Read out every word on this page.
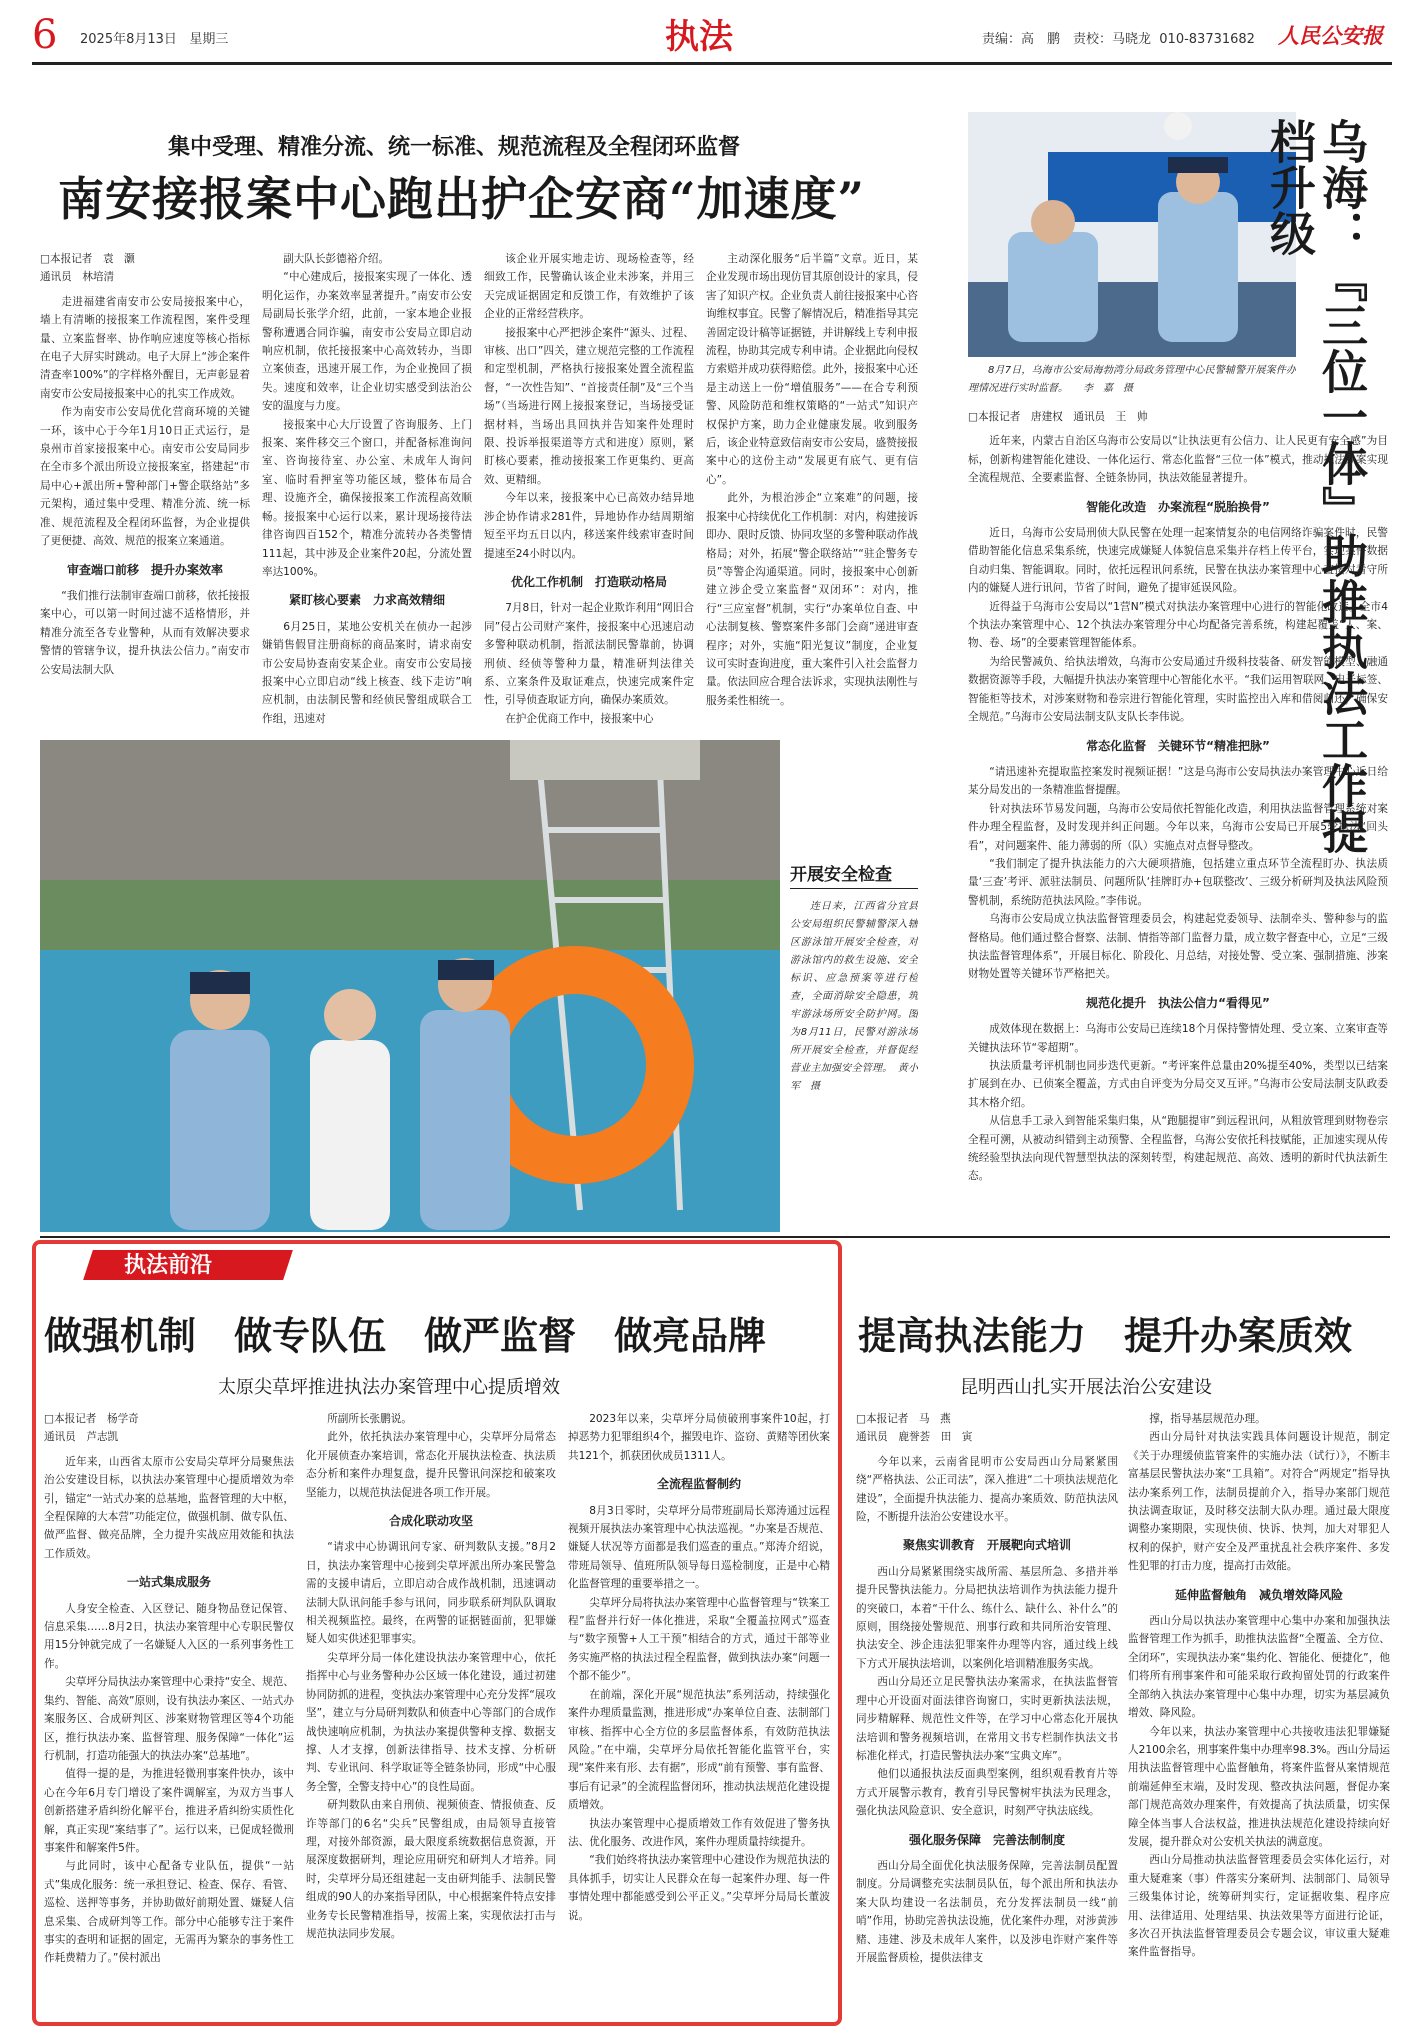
6 2025年8月13日 星期三	执法	责编：高　鹏　责校：马晓龙 010-83731682 人民公安报
集中受理、精准分流、统一标准、规范流程及全程闭环监督
南安接报案中心跑出护企安商“加速度”

□本报记者　袁　灏
通讯员　林培清

走进福建省南安市公安局接报案中心，墙上有清晰的接报案工作流程图，案件受理量、立案监督率、协作响应速度等核心指标在电子大屏实时跳动。电子大屏上“涉企案件清查率100%”的字样格外醒目，无声彰显着南安市公安局接报案中心的扎实工作成效。

作为南安市公安局优化营商环境的关键一环，该中心于今年1月10日正式运行，是泉州市首家接报案中心。南安市公安局同步在全市多个派出所设立接报案室，搭建起“市局中心+派出所+警种部门+警企联络站”多元架构，通过集中受理、精准分流、统一标准、规范流程及全程闭环监督，为企业提供了更便捷、高效、规范的报案立案通道。

审查端口前移　提升办案效率

“我们推行法制审查端口前移，依托接报案中心，可以第一时间过滤不适格情形，并精准分流至各专业警种，从而有效解决要求警情的管辖争议，提升执法公信力。”南安市公安局法制大队

副大队长彭德裕介绍。

“中心建成后，接报案实现了一体化、透明化运作，办案效率显著提升。”南安市公安局副局长张学介绍，此前，一家本地企业报警称遭遇合同诈骗，南安市公安局立即启动响应机制，依托接报案中心高效转办，当即立案侦查，迅速开展工作，为企业挽回了损失。速度和效率，让企业切实感受到法治公安的温度与力度。

接报案中心大厅设置了咨询服务、上门报案、案件移交三个窗口，并配备标准询问室、咨询接待室、办公室、未成年人询问室、临时看押室等功能区域，整体布局合理、设施齐全，确保接报案工作流程高效顺畅。接报案中心运行以来，累计现场接待法律咨询四百152个，精准分流转办各类警情111起，其中涉及企业案件20起，分流处置率达100%。

紧盯核心要素　力求高效精细

6月25日，某地公安机关在侦办一起涉嫌销售假冒注册商标的商品案时，请求南安市公安局协查南安某企业。南安市公安局接报案中心立即启动“线上核查、线下走访”响应机制，由法制民警和经侦民警组成联合工作组，迅速对

该企业开展实地走访、现场检查等，经细致工作，民警确认该企业未涉案，并用三天完成证据固定和反馈工作，有效维护了该企业的正常经营秩序。

接报案中心严把涉企案件“源头、过程、审核、出口”四关，建立规范完整的工作流程和定型机制，严格执行接报案处置全流程监督，“一次性告知”、“首接责任制”及“三个当场”（当场进行网上接报案登记，当场接受证据材料，当场出具回执并告知案件处理时限、投诉举报渠道等方式和进度）原则，紧盯核心要素，推动接报案工作更集约、更高效、更精细。

今年以来，接报案中心已高效办结异地涉企协作请求281件，异地协作办结周期缩短至平均五日以内，移送案件线索审查时间提速至24小时以内。

优化工作机制　打造联动格局

7月8日，针对一起企业欺诈利用“网旧合同”侵占公司财产案件，接报案中心迅速启动多警种联动机制，指派法制民警靠前，协调刑侦、经侦等警种力量，精准研判法律关系、立案条件及取证难点，快速完成案件定性，引导侦查取证方向，确保办案质效。

在护企优商工作中，接报案中心

主动深化服务“后半篇”文章。近日，某企业发现市场出现仿冒其原创设计的家具，侵害了知识产权。企业负责人前往接报案中心咨询维权事宜。民警了解情况后，精准指导其完善固定设计稿等证据链，并讲解线上专利申报流程，协助其完成专利申请。企业据此向侵权方索赔并成功获得赔偿。此外，接报案中心还是主动送上一份“增值服务”——在合专利预警、风险防范和维权策略的“一站式”知识产权保护方案，助力企业健康发展。收到服务后，该企业特意致信南安市公安局，盛赞接报案中心的这份主动“发展更有底气、更有信心”。

此外，为根治涉企“立案难”的问题，接报案中心持续优化工作机制：对内，构建接诉即办、限时反馈、协同攻坚的多警种联动作战格局；对外，拓展“警企联络站”“驻企警务专员”等警企沟通渠道。同时，接报案中心创新建立涉企受立案监督“双闭环”：对内，推行“三应室督”机制，实行“办案单位自查、中心法制复核、警察案件多部门会商”递进审查程序；对外，实施“阳光复议”制度，企业复议可实时查询进度，重大案件引入社会监督力量。依法回应合理合法诉求，实现执法刚性与服务柔性相统一。

开展安全检查
连日来，江西省分宜县公安局组织民警辅警深入辖区游泳馆开展安全检查，对游泳馆内的救生设施、安全标识、应急预案等进行检查，全面消除安全隐患，筑牢游泳场所安全防护网。图为8月11日，民警对游泳场所开展安全检查，并督促经营业主加强安全管理。　黄小军　摄
8月7日，乌海市公安局海勃湾分局政务管理中心民警辅警开展案件办理情况进行实时监督。　　李　嘉　摄	乌海：『三位一体』助推执法工作提档升级

□本报记者　唐建权　通讯员　王　帅

近年来，内蒙古自治区乌海市公安局以“让执法更有公信力、让人民更有安全感”为目标，创新构建智能化建设、一体化运行、常态化监督“三位一体”模式，推动执法办案实现全流程规范、全要素监督、全链条协同，执法效能显著提升。

智能化改造　办案流程“脱胎换骨”

近日，乌海市公安局刑侦大队民警在处理一起案情复杂的电信网络诈骗案件时，民警借助智能化信息采集系统，快速完成嫌疑人体貌信息采集并存档上传平台，实现案件数据自动归集、智能调取。同时，依托远程讯问系统，民警在执法办案管理中心直接对看守所内的嫌疑人进行讯问，节省了时间，避免了提审延误风险。

近得益于乌海市公安局以“1营N”模式对执法办案管理中心进行的智能化改造。全市4个执法办案管理中心、12个执法办案管理分中心均配备完善系统，构建起覆盖“人、案、物、卷、场”的全要素管理智能体系。

为给民警减负、给执法增效，乌海市公安局通过升级科技装备、研发智能模型、融通数据资源等手段，大幅提升执法办案管理中心智能化水平。“我们运用智联网、电子标签、智能柜等技术，对涉案财物和卷宗进行智能化管理，实时监控出入库和借阅归还，确保安全规范。”乌海市公安局法制支队支队长李伟说。

常态化监督　关键环节“精准把脉”

“请迅速补充提取监控案发时视频证据！”这是乌海市公安局执法办案管理中心近日给某分局发出的一条精准监督提醒。

针对执法环节易发问题，乌海市公安局依托智能化改造，利用执法监督管理系统对案件办理全程监督，及时发现并纠正问题。今年以来，乌海市公安局已开展5轮执法“回头看”，对问题案件、能力薄弱的所（队）实施点对点督导整改。

“我们制定了提升执法能力的六大硬项措施，包括建立重点环节全流程盯办、执法质量‘三查’考评、派驻法制员、问题所队‘挂牌盯办+包联整改’、三级分析研判及执法风险预警机制，系统防范执法风险。”李伟说。

乌海市公安局成立执法监督管理委员会，构建起党委领导、法制牵头、警种参与的监督格局。他们通过整合督察、法制、情指等部门监督力量，成立数字督查中心，立足“三级执法监督管理体系”，开展目标化、阶段化、月总结，对接处警、受立案、强制措施、涉案财物处置等关键环节严格把关。

规范化提升　执法公信力“看得见”

成效体现在数据上：乌海市公安局已连续18个月保持警情处理、受立案、立案审查等关键执法环节“零超期”。

执法质量考评机制也同步迭代更新。“考评案件总量由20%提至40%，类型以已结案扩展到在办、已侦案全覆盖，方式由自评变为分局交叉互评。”乌海市公安局法制支队政委其木格介绍。

从信息手工录入到智能采集归集，从“跑腿提审”到远程讯问，从粗放管理到财物卷宗全程可溯，从被动纠错到主动预警、全程监督，乌海公安依托科技赋能，正加速实现从传统经验型执法向现代智慧型执法的深刻转型，构建起规范、高效、透明的新时代执法新生态。

执法前沿
做强机制　做专队伍　做严监督　做亮品牌
太原尖草坪推进执法办案管理中心提质增效

□本报记者　杨学奇
通讯员　芦志凯

近年来，山西省太原市公安局尖草坪分局聚焦法治公安建设目标，以执法办案管理中心提质增效为牵引，锚定“一站式办案的总基地，监督管理的大中枢，全程保障的大本营”功能定位，做强机制、做专队伍、做严监督、做亮品牌，全力提升实战应用效能和执法工作质效。

一站式集成服务

人身安全检查、入区登记、随身物品登记保管、信息采集……8月2日，执法办案管理中心专职民警仅用15分钟就完成了一名嫌疑人入区的一系列事务性工作。

尖草坪分局执法办案管理中心秉持“安全、规范、集约、智能、高效”原则，设有执法办案区、一站式办案服务区、合成研判区、涉案财物管理区等4个功能区，推行执法办案、监督管理、服务保障“一体化”运行机制，打造功能强大的执法办案“总基地”。

值得一提的是，为推进轻微刑事案件快办，该中心在今年6月专门增设了案件调解室，为双方当事人创新搭建矛盾纠纷化解平台，推进矛盾纠纷实质性化解，真正实现“案结事了”。运行以来，已促成轻微刑事案件和解案件5件。

与此同时，该中心配备专业队伍，提供“一站式”集成化服务：统一承担登记、检查、保存、看管、巡检、送押等事务，并协助做好前期处置、嫌疑人信息采集、合成研判等工作。部分中心能够专注于案件事实的查明和证据的固定，无需再为繁杂的事务性工作耗费精力了。”侯村派出

所副所长张鹏说。

此外，依托执法办案管理中心，尖草坪分局常态化开展侦查办案培训，常态化开展执法检查、执法质态分析和案件办理复盘，提升民警讯问深挖和破案攻坚能力，以规范执法促进各项工作开展。

合成化联动攻坚

“请求中心协调讯问专家、研判数队支援。”8月2日，执法办案管理中心接到尖草坪派出所办案民警急需的支援申请后，立即启动合成作战机制，迅速调动法制大队讯问能手参与讯问，同步联系研判队队调取相关视频监控。最终，在两警的证据链面前，犯罪嫌疑人如实供述犯罪事实。

尖草坪分局一体化建设执法办案管理中心，依托指挥中心与业务警种办公区域一体化建设，通过初建协同防抓的进程，变执法办案管理中心充分发挥“展攻坚”，建立与分局研判数队和侦查中心等部门的合成作战快速响应机制，为执法办案提供警种支撑、数据支撑、人才支撑，创新法律指导、技术支撑、分析研判、专业讯问、科学取证等全链条协同，形成“中心服务全警，全警支持中心”的良性局面。

研判数队由来自刑侦、视频侦查、情报侦查、反诈等部门的6名“尖兵”民警组成，由局领导直接管理，对接外部资源，最大限度系统数据信息资源，开展深度数据研判，理论应用研究和研判人才培养。同时，尖草坪分局还组建起一支由研判能手、法制民警组成的90人的办案指导团队，中心根据案件特点安排业务专长民警精准指导，按需上案，实现依法打击与规范执法同步发展。

2023年以来，尖草坪分局侦破刑事案件10起，打掉恶势力犯罪组织4个，摧毁电诈、盗窃、黄赌等团伙案共121个，抓获团伙成员1311人。

全流程监督制约

8月3日零时，尖草坪分局带班副局长郑涛通过远程视频开展执法办案管理中心执法巡视。“办案是否规范、嫌疑人状况等方面都是我们巡查的重点。”郑涛介绍说，带班局领导、值班所队领导每日巡检制度，正是中心精化监督管理的重要举措之一。

尖草坪分局将执法办案管理中心监督管理与“铁案工程”监督并行好一体化推进，采取“全覆盖拉网式”巡查与“数字预警+人工干预”相结合的方式，通过干部等业务实施严格的执法过程全程监督，做到执法办案“问题一个都不能少”。

在前端，深化开展“规范执法”系列活动，持续强化案件办理质量监测，推进形成“办案单位自查、法制部门审核、指挥中心全方位的多层监督体系，有效防范执法风险。”在中端，尖草坪分局依托智能化监管平台，实现“案件来有形、去有据”，形成“前有预警、事有监督、事后有记录”的全流程监督闭环，推动执法规范化建设提质增效。

执法办案管理中心提质增效工作有效促进了警务执法、优化服务、改进作风，案件办理质量持续提升。

“我们始终将执法办案管理中心建设作为规范执法的具体抓手，切实让人民群众在每一起案件办理、每一件事情处理中都能感受到公平正义。”尖草坪分局局长董波说。

提高执法能力　提升办案质效
昆明西山扎实开展法治公安建设

□本报记者　马　燕
通讯员　鹿誉荟　田　寅

今年以来，云南省昆明市公安局西山分局紧紧围绕“严格执法、公正司法”，深入推进“二十项执法规范化建设”，全面提升执法能力、提高办案质效、防范执法风险，不断提升法治公安建设水平。

聚焦实训教育　开展靶向式培训

西山分局紧紧围绕实战所需、基层所急、多措并举提升民警执法能力。分局把执法培训作为执法能力提升的突破口，本着“干什么、练什么、缺什么、补什么”的原则，围绕接处警规范、刑事行政和共同所治安管理、执法安全、涉企违法犯罪案件办理等内容，通过线上线下方式开展执法培训，以案例化培训精准服务实战。

西山分局还立足民警执法办案需求，在执法监督管理中心开设面对面法律咨询窗口，实时更新执法法规，同步精解释、规范性文件等，在学习中心常态化开展执法培训和警务视频培训，在常用文书专栏制作执法文书标准化样式，打造民警执法办案“宝典文库”。

他们以通报执法反面典型案例，组织观看教育片等方式开展警示教育，教育引导民警树牢执法为民理念，强化执法风险意识、安全意识，时刻严守执法底线。

强化服务保障　完善法制制度

西山分局全面优化执法服务保障，完善法制员配置制度。分局调整充实法制员队伍，每个派出所和执法办案大队均建设一名法制员，充分发挥法制员一线“前哨”作用，协助完善执法设施，优化案件办理，对涉黄涉赌、违建、涉及未成年人案件，以及涉电诈财产案件等开展监督质检，提供法律支

撑，指导基层规范办理。

西山分局针对执法实践具体问题设计规范，制定《关于办理缓侦监管案件的实施办法（试行）》，不断丰富基层民警执法办案“工具箱”。对符合“两规定”指导执法办案系列工作，法制员提前介入，指导办案部门规范执法调查取证，及时移交法制大队办理。通过最大限度调整办案期限，实现快侦、快诉、快判，加大对罪犯人权利的保护，财产安全及严重扰乱社会秩序案件、多发性犯罪的打击力度，提高打击效能。

延伸监督触角　减负增效降风险

西山分局以执法办案管理中心集中办案和加强执法监督管理工作为抓手，助推执法监督“全覆盖、全方位、全闭环”，实现执法办案“集约化、智能化、便捷化”，他们将所有刑事案件和可能采取行政拘留处罚的行政案件全部纳入执法办案管理中心集中办理，切实为基层减负增效、降风险。

今年以来，执法办案管理中心共接收违法犯罪嫌疑人2100余名，刑事案件集中办理率98.3%。西山分局运用执法监督管理中心监督触角，将案件监督从案情规范前端延伸至末端，及时发现、整改执法问题，督促办案部门规范高效办理案件，有效提高了执法质量，切实保障全体当事人合法权益，推进执法规范化建设持续向好发展，提升群众对公安机关执法的满意度。

西山分局推动执法监督管理委员会实体化运行，对重大疑难案（事）件落实分案研判、法制部门、局领导三级集体讨论，统筹研判实行，定证据收集、程序应用、法律适用、处理结果、执法效果等方面进行论证，多次召开执法监督管理委员会专题会议，审议重大疑难案件监督指导。
